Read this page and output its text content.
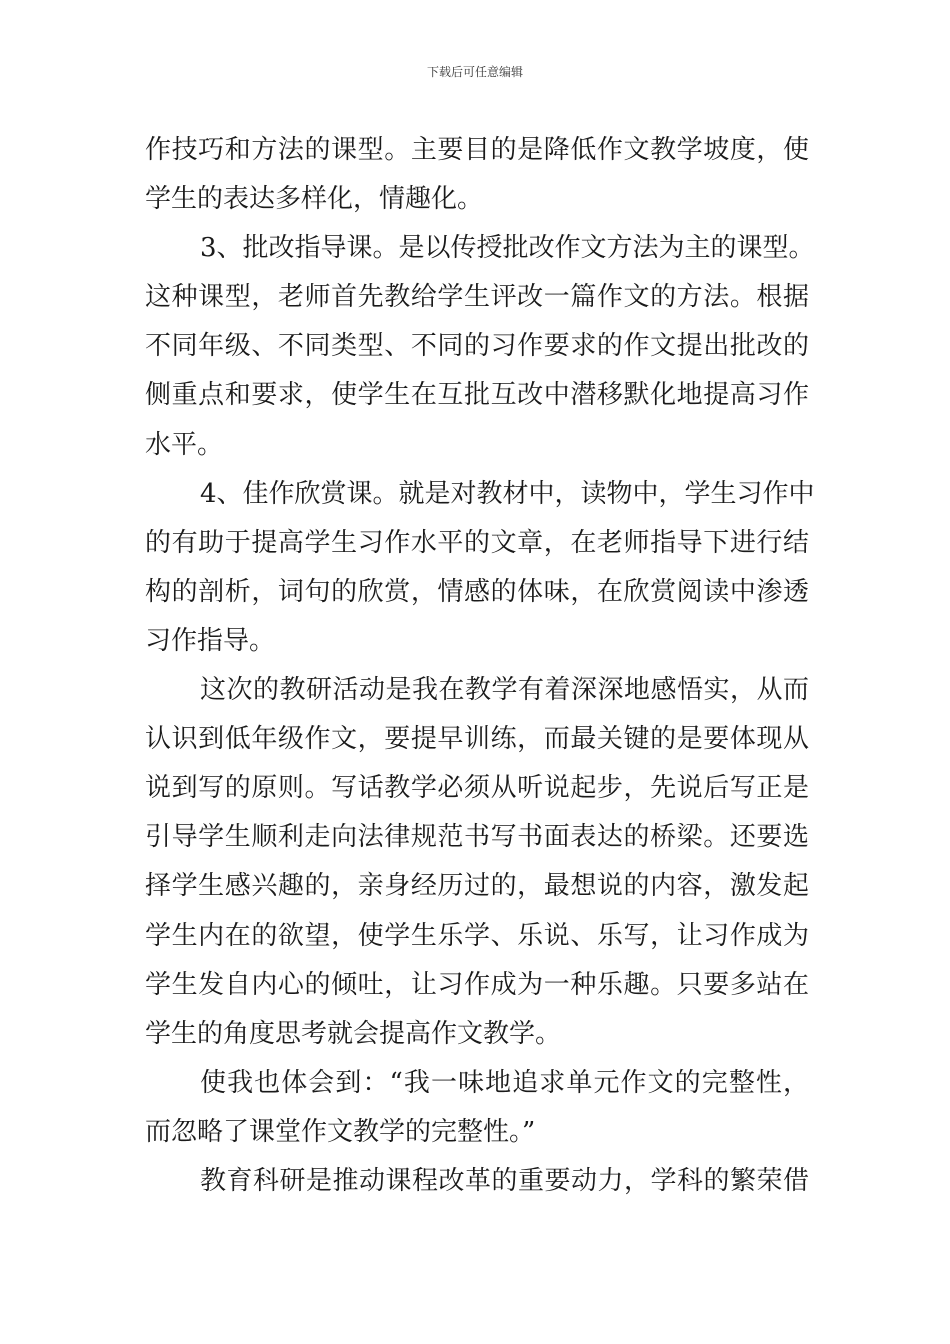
下载后可任意编辑
作技巧和方法的课型。主要目的是降低作文教学坡度，使
学生的表达多样化，情趣化。
3、批改指导课。是以传授批改作文方法为主的课型。
这种课型，老师首先教给学生评改一篇作文的方法。根据
不同年级、不同类型、不同的习作要求的作文提出批改的
侧重点和要求，使学生在互批互改中潜移默化地提高习作
水平。
4、佳作欣赏课。就是对教材中，读物中，学生习作中
的有助于提高学生习作水平的文章，在老师指导下进行结
构的剖析，词句的欣赏，情感的体味，在欣赏阅读中渗透
习作指导。
这次的教研活动是我在教学有着深深地感悟实，从而
认识到低年级作文，要提早训练，而最关键的是要体现从
说到写的原则。写话教学必须从听说起步，先说后写正是
引导学生顺利走向法律规范书写书面表达的桥梁。还要选
择学生感兴趣的，亲身经历过的，最想说的内容，激发起
学生内在的欲望，使学生乐学、乐说、乐写，让习作成为
学生发自内心的倾吐，让习作成为一种乐趣。只要多站在
学生的角度思考就会提高作文教学。
使我也体会到：“我一味地追求单元作文的完整性，
而忽略了课堂作文教学的完整性。”
教育科研是推动课程改革的重要动力，学科的繁荣借
